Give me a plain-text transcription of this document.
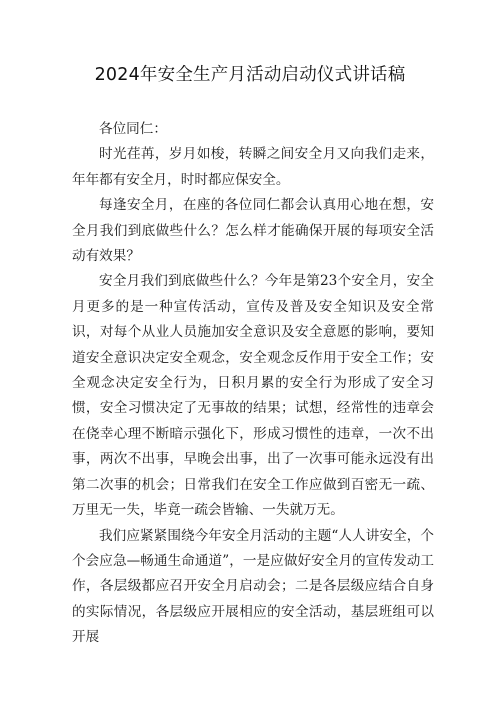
2024年安全生产月活动启动仪式讲话稿

各位同仁：

时光荏苒，岁月如梭，转瞬之间安全月又向我们走来，年年都有安全月，时时都应保安全。

每逢安全月，在座的各位同仁都会认真用心地在想，安全月我们到底做些什么？怎么样才能确保开展的每项安全活动有效果？

安全月我们到底做些什么？今年是第23个安全月，安全月更多的是一种宣传活动，宣传及普及安全知识及安全常识，对每个从业人员施加安全意识及安全意愿的影响，要知道安全意识决定安全观念，安全观念反作用于安全工作；安全观念决定安全行为，日积月累的安全行为形成了安全习惯，安全习惯决定了无事故的结果；试想，经常性的违章会在侥幸心理不断暗示强化下，形成习惯性的违章，一次不出事，两次不出事，早晚会出事，出了一次事可能永远没有出第二次事的机会；日常我们在安全工作应做到百密无一疏、万里无一失，毕竟一疏会皆输、一失就万无。

我们应紧紧围绕今年安全月活动的主题“人人讲安全，个个会应急—畅通生命通道”，一是应做好安全月的宣传发动工作，各层级都应召开安全月启动会；二是各层级应结合自身的实际情况，各层级应开展相应的安全活动，基层班组可以开展
